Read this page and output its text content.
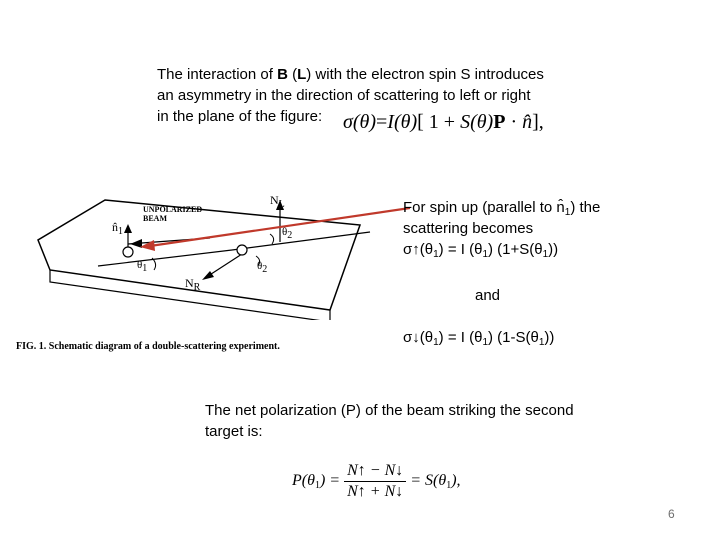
The interaction of B (L) with the electron spin S introduces
an asymmetry in the direction of scattering to left or right
in the plane of the figure:	σ(θ)=I(θ)[ 1 + S(θ)P · n̂],
UNPOLARIZED
BEAM
$n̂_1$
$N_L$
$N_R$
$\theta_1$
$\theta_2$
$\theta_2$
FIG. 1. Schematic diagram of a double-scattering experiment.
For spin up (parallel to $n̂_1$) the
scattering becomes
$\sigma↑(\theta_1) = I$ $(\theta_1)$ $(1+S(\theta_1))$
and
$\sigma↓(\theta_1) = I$ $(\theta_1)$ $(1-S(\theta_1))$
The net polarization (P) of the beam striking the second
target is:
$P(\theta_1) = \frac{N↑ - N↓}{N↑ + N↓} = S(\theta_1)$,
6
